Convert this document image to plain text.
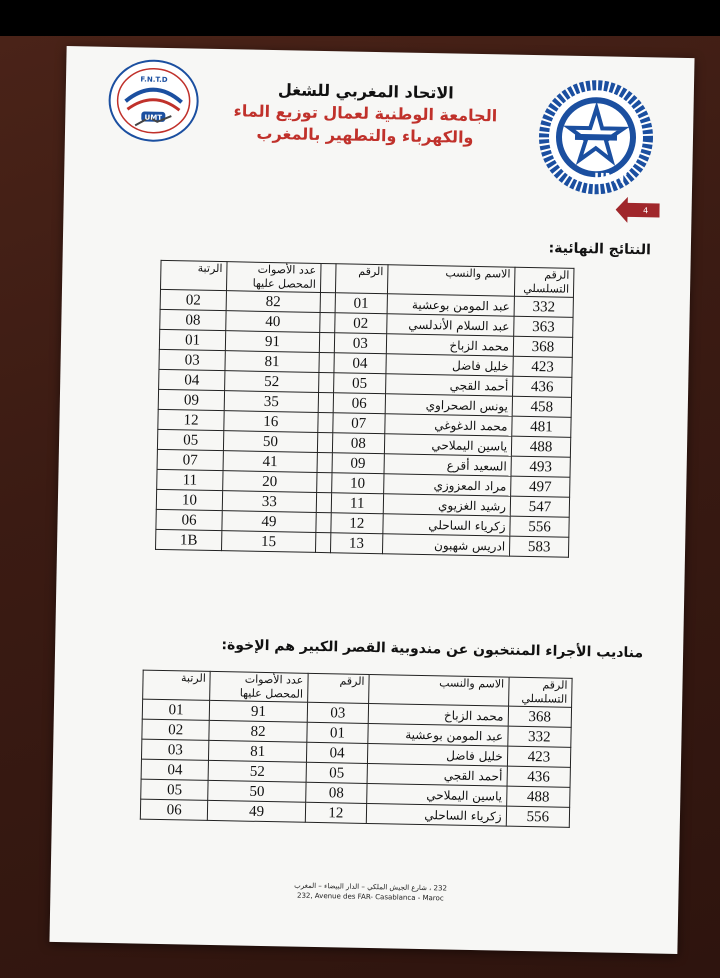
F.N.T.D
UMT
الاتحاد المغربي للشغل
الجامعة الوطنية لعمال توزيع الماء
والكهرباء والتطهير بالمغرب
UMT
4
النتائج النهائية:
الرتبة	عدد الأصوات المحصل عليها		الرقم	الاسم والنسب	الرقم التسلسلي
02	82		01	عبد المومن بوعشية	332
08	40		02	عبد السلام الأندلسي	363
01	91		03	محمد الزباخ	368
03	81		04	خليل فاضل	423
04	52		05	أحمد القجي	436
09	35		06	يونس الصحراوي	458
12	16		07	محمد الدغوغي	481
05	50		08	ياسين اليملاحي	488
07	41		09	السعيد أقرع	493
11	20		10	مراد المعزوزي	497
10	33		11	رشيد الغزيوي	547
06	49		12	زكرياء الساحلي	556
1B	15		13	ادريس شهبون	583
مناديب الأجراء المنتخبون عن مندوبية القصر الكبير هم الإخوة:
الرتبة	عدد الأصوات المحصل عليها	الرقم	الاسم والنسب	الرقم التسلسلي
01	91	03	محمد الزباخ	368
02	82	01	عبد المومن بوعشية	332
03	81	04	خليل فاضل	423
04	52	05	أحمد القجي	436
05	50	08	ياسين اليملاحي	488
06	49	12	زكرياء الساحلي	556
232 ، شارع الجيش الملكي – الدار البيضاء – المغرب
232, Avenue des FAR- Casablanca - Maroc
